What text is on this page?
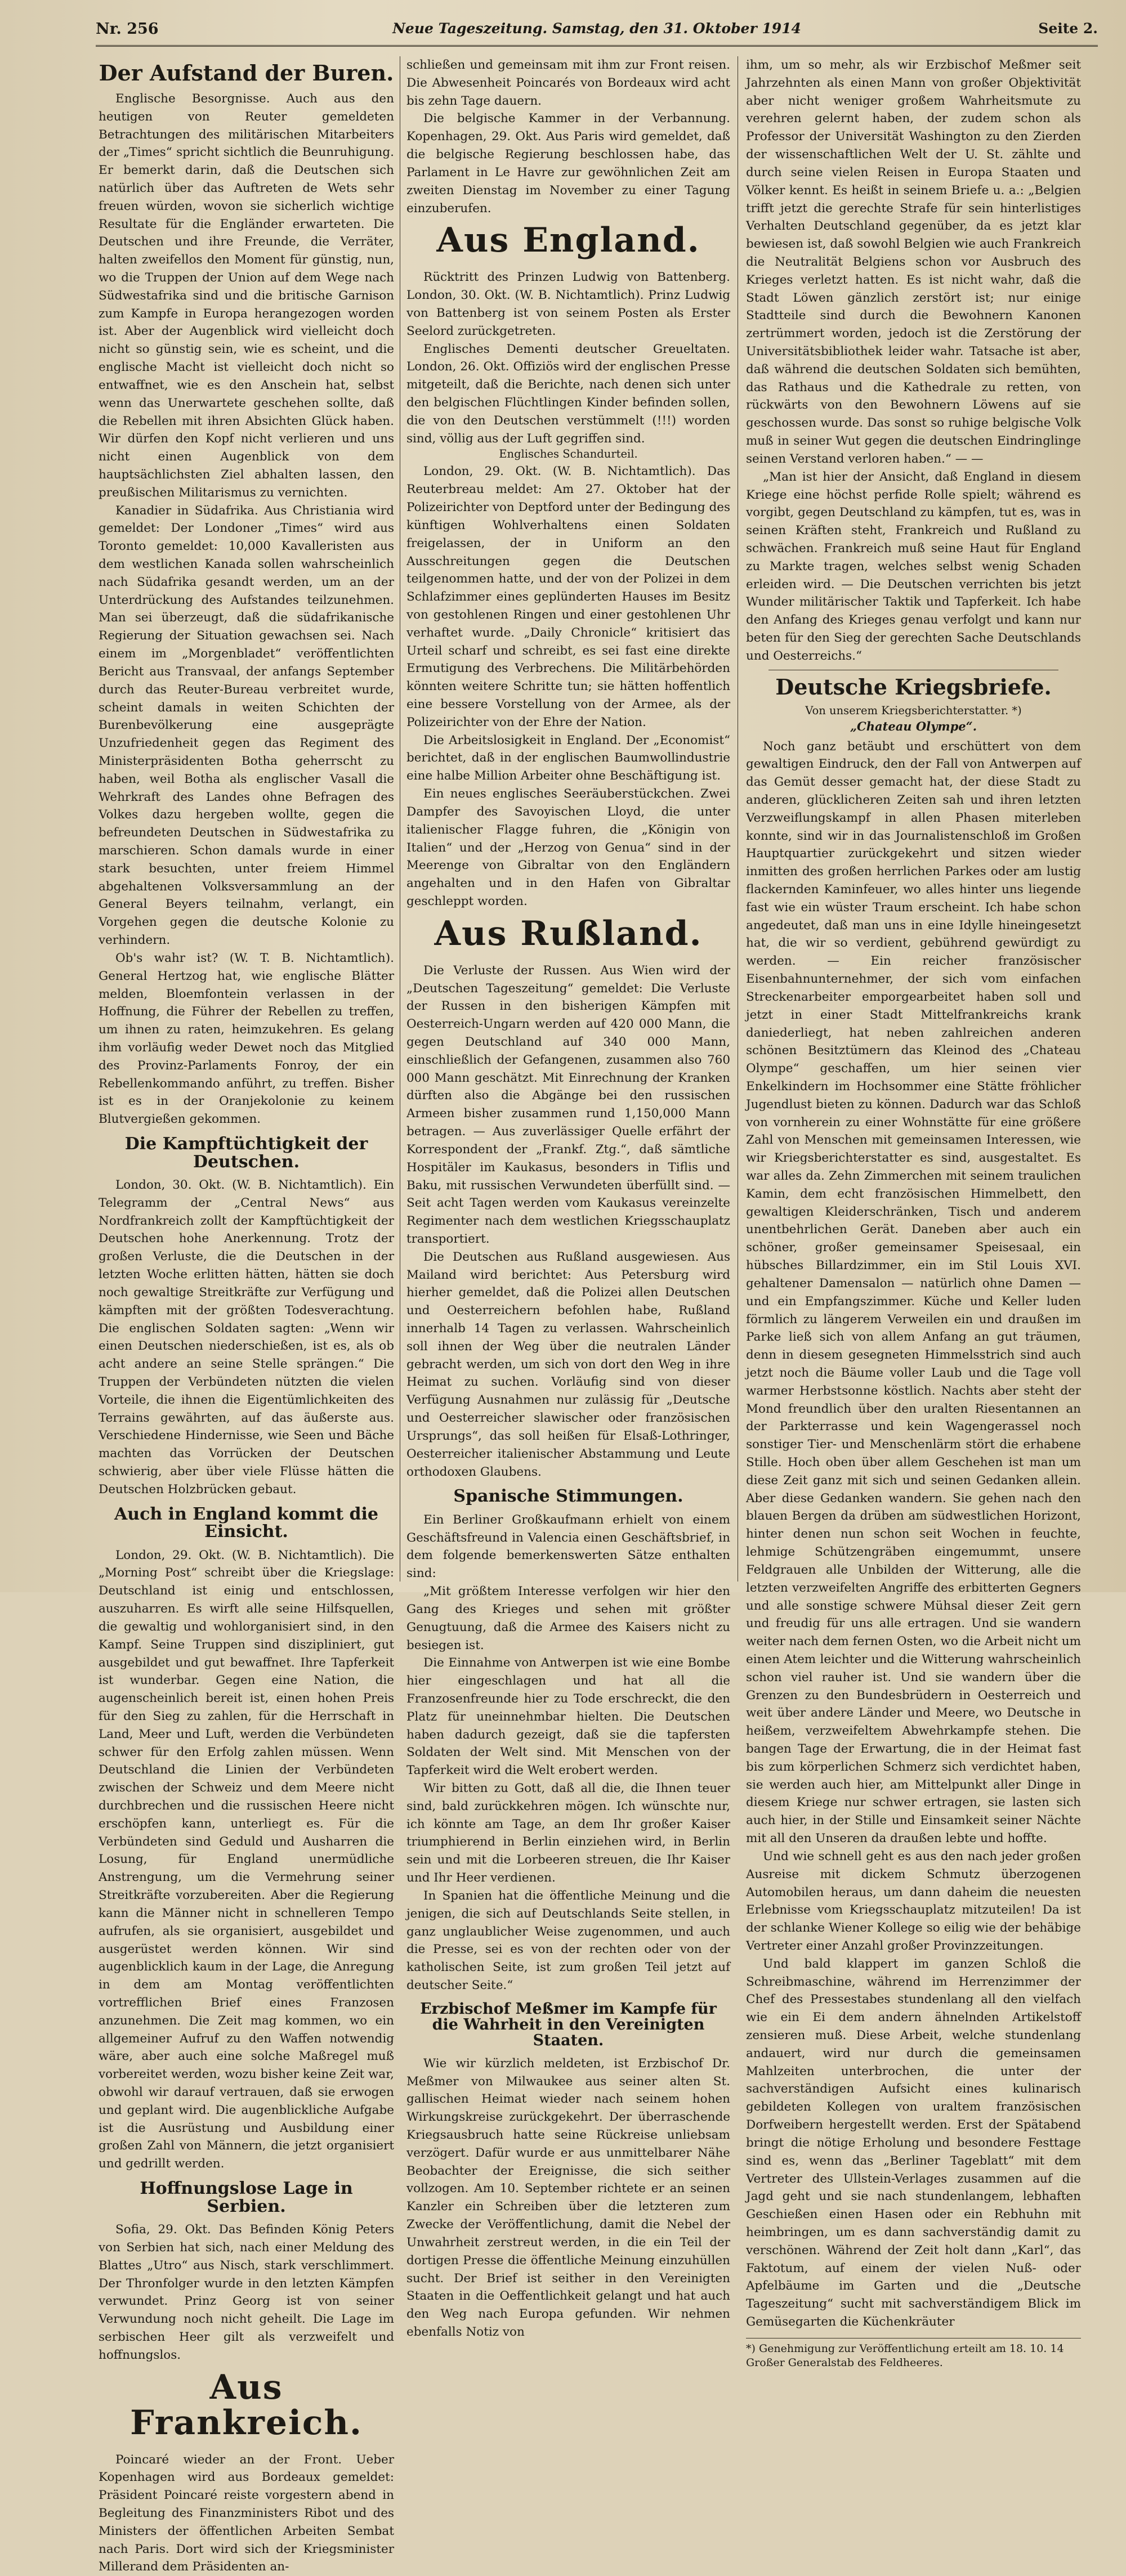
Nr. 256	Neue Tageszeitung. Samstag, den 31. Oktober 1914	Seite 2.
Der Aufstand der Buren.

Englische Besorgnisse. Auch aus den heutigen von Reuter gemeldeten Betrachtungen des militärischen Mitarbeiters der „Times“ spricht sichtlich die Beunruhigung. Er bemerkt darin, daß die Deutschen sich natürlich über das Auftreten de Wets sehr freuen würden, wovon sie sicherlich wichtige Resultate für die Engländer erwarteten. Die Deutschen und ihre Freunde, die Verräter, halten zweifellos den Moment für günstig, nun, wo die Truppen der Union auf dem Wege nach Südwestafrika sind und die britische Garnison zum Kampfe in Europa herangezogen worden ist. Aber der Augenblick wird vielleicht doch nicht so günstig sein, wie es scheint, und die englische Macht ist vielleicht doch nicht so entwaffnet, wie es den Anschein hat, selbst wenn das Unerwartete geschehen sollte, daß die Rebellen mit ihren Absichten Glück haben. Wir dürfen den Kopf nicht verlieren und uns nicht einen Augenblick von dem hauptsächlichsten Ziel abhalten lassen, den preußischen Militarismus zu vernichten.

Kanadier in Südafrika. Aus Christiania wird gemeldet: Der Londoner „Times“ wird aus Toronto gemeldet: 10,000 Kavalleristen aus dem westlichen Kanada sollen wahrscheinlich nach Südafrika gesandt werden, um an der Unterdrückung des Aufstandes teilzunehmen. Man sei überzeugt, daß die südafrikanische Regierung der Situation gewachsen sei. Nach einem im „Morgenbladet“ veröffentlichten Bericht aus Transvaal, der anfangs September durch das Reuter-Bureau verbreitet wurde, scheint damals in weiten Schichten der Burenbevölkerung eine ausgeprägte Unzufriedenheit gegen das Regiment des Ministerpräsidenten Botha geherrscht zu haben, weil Botha als englischer Vasall die Wehrkraft des Landes ohne Befragen des Volkes dazu hergeben wollte, gegen die befreundeten Deutschen in Südwestafrika zu marschieren. Schon damals wurde in einer stark besuchten, unter freiem Himmel abgehaltenen Volksversammlung an der General Beyers teilnahm, verlangt, ein Vorgehen gegen die deutsche Kolonie zu verhindern.

Ob's wahr ist? (W. T. B. Nichtamtlich). General Hertzog hat, wie englische Blätter melden, Bloemfontein verlassen in der Hoffnung, die Führer der Rebellen zu treffen, um ihnen zu raten, heimzukehren. Es gelang ihm vorläufig weder Dewet noch das Mitglied des Provinz-Parlaments Fonroy, der ein Rebellenkommando anführt, zu treffen. Bisher ist es in der Oranjekolonie zu keinem Blutvergießen gekommen.

Die Kampftüchtigkeit der Deutschen.

London, 30. Okt. (W. B. Nichtamtlich). Ein Telegramm der „Central News“ aus Nordfrankreich zollt der Kampftüchtigkeit der Deutschen hohe Anerkennung. Trotz der großen Verluste, die die Deutschen in der letzten Woche erlitten hätten, hätten sie doch noch gewaltige Streitkräfte zur Verfügung und kämpften mit der größten Todesverachtung. Die englischen Soldaten sagten: „Wenn wir einen Deutschen niederschießen, ist es, als ob acht andere an seine Stelle sprängen.“ Die Truppen der Verbündeten nützten die vielen Vorteile, die ihnen die Eigentümlichkeiten des Terrains gewährten, auf das äußerste aus. Verschiedene Hindernisse, wie Seen und Bäche machten das Vorrücken der Deutschen schwierig, aber über viele Flüsse hätten die Deutschen Holzbrücken gebaut.

Auch in England kommt die Einsicht.

London, 29. Okt. (W. B. Nichtamtlich). Die „Morning Post“ schreibt über die Kriegslage: Deutschland ist einig und entschlossen, auszuharren. Es wirft alle seine Hilfsquellen, die gewaltig und wohlorganisiert sind, in den Kampf. Seine Truppen sind diszipliniert, gut ausgebildet und gut bewaffnet. Ihre Tapferkeit ist wunderbar. Gegen eine Nation, die augenscheinlich bereit ist, einen hohen Preis für den Sieg zu zahlen, für die Herrschaft in Land, Meer und Luft, werden die Verbündeten schwer für den Erfolg zahlen müssen. Wenn Deutschland die Linien der Verbündeten zwischen der Schweiz und dem Meere nicht durchbrechen und die russischen Heere nicht erschöpfen kann, unterliegt es. Für die Verbündeten sind Geduld und Ausharren die Losung, für England unermüdliche Anstrengung, um die Vermehrung seiner Streitkräfte vorzubereiten. Aber die Regierung kann die Männer nicht in schnelleren Tempo aufrufen, als sie organisiert, ausgebildet und ausgerüstet werden können. Wir sind augenblicklich kaum in der Lage, die Anregung in dem am Montag veröffentlichten vortrefflichen Brief eines Franzosen anzunehmen. Die Zeit mag kommen, wo ein allgemeiner Aufruf zu den Waffen notwendig wäre, aber auch eine solche Maßregel muß vorbereitet werden, wozu bisher keine Zeit war, obwohl wir darauf vertrauen, daß sie erwogen und geplant wird. Die augenblickliche Aufgabe ist die Ausrüstung und Ausbildung einer großen Zahl von Männern, die jetzt organisiert und gedrillt werden.

Hoffnungslose Lage in Serbien.

Sofia, 29. Okt. Das Befinden König Peters von Serbien hat sich, nach einer Meldung des Blattes „Utro“ aus Nisch, stark verschlimmert. Der Thronfolger wurde in den letzten Kämpfen verwundet. Prinz Georg ist von seiner Verwundung noch nicht geheilt. Die Lage im serbischen Heer gilt als verzweifelt und hoffnungslos.

Aus Frankreich.

Poincaré wieder an der Front. Ueber Kopenhagen wird aus Bordeaux gemeldet: Präsident Poincaré reiste vorgestern abend in Begleitung des Finanzministers Ribot und des Ministers der öffentlichen Arbeiten Sembat nach Paris. Dort wird sich der Kriegsminister Millerand dem Präsidenten an-

schließen und gemeinsam mit ihm zur Front reisen. Die Abwesenheit Poincarés von Bordeaux wird acht bis zehn Tage dauern.

Die belgische Kammer in der Verbannung. Kopenhagen, 29. Okt. Aus Paris wird gemeldet, daß die belgische Regierung beschlossen habe, das Parlament in Le Havre zur gewöhnlichen Zeit am zweiten Dienstag im November zu einer Tagung einzuberufen.

Aus England.

Rücktritt des Prinzen Ludwig von Battenberg. London, 30. Okt. (W. B. Nichtamtlich). Prinz Ludwig von Battenberg ist von seinem Posten als Erster Seelord zurückgetreten.

Englisches Dementi deutscher Greueltaten. London, 26. Okt. Offiziös wird der englischen Presse mitgeteilt, daß die Berichte, nach denen sich unter den belgischen Flüchtlingen Kinder befinden sollen, die von den Deutschen verstümmelt (!!!) worden sind, völlig aus der Luft gegriffen sind.

Englisches Schandurteil.

London, 29. Okt. (W. B. Nichtamtlich). Das Reuterbreau meldet: Am 27. Oktober hat der Polizeirichter von Deptford unter der Bedingung des künftigen Wohlverhaltens einen Soldaten freigelassen, der in Uniform an den Ausschreitungen gegen die Deutschen teilgenommen hatte, und der von der Polizei in dem Schlafzimmer eines geplünderten Hauses im Besitz von gestohlenen Ringen und einer gestohlenen Uhr verhaftet wurde. „Daily Chronicle“ kritisiert das Urteil scharf und schreibt, es sei fast eine direkte Ermutigung des Verbrechens. Die Militärbehörden könnten weitere Schritte tun; sie hätten hoffentlich eine bessere Vorstellung von der Armee, als der Polizeirichter von der Ehre der Nation.

Die Arbeitslosigkeit in England. Der „Economist“ berichtet, daß in der englischen Baumwollindustrie eine halbe Million Arbeiter ohne Beschäftigung ist.

Ein neues englisches Seeräuberstückchen. Zwei Dampfer des Savoyischen Lloyd, die unter italienischer Flagge fuhren, die „Königin von Italien“ und der „Herzog von Genua“ sind in der Meerenge von Gibraltar von den Engländern angehalten und in den Hafen von Gibraltar geschleppt worden.

Aus Rußland.

Die Verluste der Russen. Aus Wien wird der „Deutschen Tageszeitung“ gemeldet: Die Verluste der Russen in den bisherigen Kämpfen mit Oesterreich-Ungarn werden auf 420 000 Mann, die gegen Deutschland auf 340 000 Mann, einschließlich der Gefangenen, zusammen also 760 000 Mann geschätzt. Mit Einrechnung der Kranken dürften also die Abgänge bei den russischen Armeen bisher zusammen rund 1,150,000 Mann betragen. — Aus zuverlässiger Quelle erfährt der Korrespondent der „Frankf. Ztg.“, daß sämtliche Hospitäler im Kaukasus, besonders in Tiflis und Baku, mit russischen Verwundeten überfüllt sind. — Seit acht Tagen werden vom Kaukasus vereinzelte Regimenter nach dem westlichen Kriegsschauplatz transportiert.

Die Deutschen aus Rußland ausgewiesen. Aus Mailand wird berichtet: Aus Petersburg wird hierher gemeldet, daß die Polizei allen Deutschen und Oesterreichern befohlen habe, Rußland innerhalb 14 Tagen zu verlassen. Wahrscheinlich soll ihnen der Weg über die neutralen Länder gebracht werden, um sich von dort den Weg in ihre Heimat zu suchen. Vorläufig sind von dieser Verfügung Ausnahmen nur zulässig für „Deutsche und Oesterreicher slawischer oder französischen Ursprungs“, das soll heißen für Elsaß-Lothringer, Oesterreicher italienischer Abstammung und Leute orthodoxen Glaubens.

Spanische Stimmungen.

Ein Berliner Großkaufmann erhielt von einem Geschäftsfreund in Valencia einen Geschäftsbrief, in dem folgende bemerkenswerten Sätze enthalten sind:

„Mit größtem Interesse verfolgen wir hier den Gang des Krieges und sehen mit größter Genugtuung, daß die Armee des Kaisers nicht zu besiegen ist.

Die Einnahme von Antwerpen ist wie eine Bombe hier eingeschlagen und hat all die Franzosenfreunde hier zu Tode erschreckt, die den Platz für uneinnehmbar hielten. Die Deutschen haben dadurch gezeigt, daß sie die tapfersten Soldaten der Welt sind. Mit Menschen von der Tapferkeit wird die Welt erobert werden.

Wir bitten zu Gott, daß all die, die Ihnen teuer sind, bald zurückkehren mögen. Ich wünschte nur, ich könnte am Tage, an dem Ihr großer Kaiser triumphierend in Berlin einziehen wird, in Berlin sein und mit die Lorbeeren streuen, die Ihr Kaiser und Ihr Heer verdienen.

In Spanien hat die öffentliche Meinung und die jenigen, die sich auf Deutschlands Seite stellen, in ganz unglaublicher Weise zugenommen, und auch die Presse, sei es von der rechten oder von der katholischen Seite, ist zum großen Teil jetzt auf deutscher Seite.“

Erzbischof Meßmer im Kampfe für die Wahrheit in den Vereinigten Staaten.

Wie wir kürzlich meldeten, ist Erzbischof Dr. Meßmer von Milwaukee aus seiner alten St. gallischen Heimat wieder nach seinem hohen Wirkungskreise zurückgekehrt. Der überraschende Kriegsausbruch hatte seine Rückreise unliebsam verzögert. Dafür wurde er aus unmittelbarer Nähe Beobachter der Ereignisse, die sich seither vollzogen. Am 10. September richtete er an seinen Kanzler ein Schreiben über die letzteren zum Zwecke der Veröffentlichung, damit die Nebel der Unwahrheit zerstreut werden, in die ein Teil der dortigen Presse die öffentliche Meinung einzuhüllen sucht. Der Brief ist seither in den Vereinigten Staaten in die Oeffentlichkeit gelangt und hat auch den Weg nach Europa gefunden. Wir nehmen ebenfalls Notiz von

ihm, um so mehr, als wir Erzbischof Meßmer seit Jahrzehnten als einen Mann von großer Objektivität aber nicht weniger großem Wahrheitsmute zu verehren gelernt haben, der zudem schon als Professor der Universität Washington zu den Zierden der wissenschaftlichen Welt der U. St. zählte und durch seine vielen Reisen in Europa Staaten und Völker kennt. Es heißt in seinem Briefe u. a.: „Belgien trifft jetzt die gerechte Strafe für sein hinterlistiges Verhalten Deutschland gegenüber, da es jetzt klar bewiesen ist, daß sowohl Belgien wie auch Frankreich die Neutralität Belgiens schon vor Ausbruch des Krieges verletzt hatten. Es ist nicht wahr, daß die Stadt Löwen gänzlich zerstört ist; nur einige Stadtteile sind durch die Bewohnern Kanonen zertrümmert worden, jedoch ist die Zerstörung der Universitätsbibliothek leider wahr. Tatsache ist aber, daß während die deutschen Soldaten sich bemühten, das Rathaus und die Kathedrale zu retten, von rückwärts von den Bewohnern Löwens auf sie geschossen wurde. Das sonst so ruhige belgische Volk muß in seiner Wut gegen die deutschen Eindringlinge seinen Verstand verloren haben.“ — —

„Man ist hier der Ansicht, daß England in diesem Kriege eine höchst perfide Rolle spielt; während es vorgibt, gegen Deutschland zu kämpfen, tut es, was in seinen Kräften steht, Frankreich und Rußland zu schwächen. Frankreich muß seine Haut für England zu Markte tragen, welches selbst wenig Schaden erleiden wird. — Die Deutschen verrichten bis jetzt Wunder militärischer Taktik und Tapferkeit. Ich habe den Anfang des Krieges genau verfolgt und kann nur beten für den Sieg der gerechten Sache Deutschlands und Oesterreichs.“

Deutsche Kriegsbriefe.

Von unserem Kriegsberichterstatter. *)

„Chateau Olympe“.

Noch ganz betäubt und erschüttert von dem gewaltigen Eindruck, den der Fall von Antwerpen auf das Gemüt desser gemacht hat, der diese Stadt zu anderen, glücklicheren Zeiten sah und ihren letzten Verzweiflungskampf in allen Phasen miterleben konnte, sind wir in das Journalistenschloß im Großen Hauptquartier zurückgekehrt und sitzen wieder inmitten des großen herrlichen Parkes oder am lustig flackernden Kaminfeuer, wo alles hinter uns liegende fast wie ein wüster Traum erscheint. Ich habe schon angedeutet, daß man uns in eine Idylle hineingesetzt hat, die wir so verdient, gebührend gewürdigt zu werden. — Ein reicher französischer Eisenbahnunternehmer, der sich vom einfachen Streckenarbeiter emporgearbeitet haben soll und jetzt in einer Stadt Mittelfrankreichs krank daniederliegt, hat neben zahlreichen anderen schönen Besitztümern das Kleinod des „Chateau Olympe“ geschaffen, um hier seinen vier Enkelkindern im Hochsommer eine Stätte fröhlicher Jugendlust bieten zu können. Dadurch war das Schloß von vornherein zu einer Wohnstätte für eine größere Zahl von Menschen mit gemeinsamen Interessen, wie wir Kriegsberichterstatter es sind, ausgestaltet. Es war alles da. Zehn Zimmerchen mit seinem traulichen Kamin, dem echt französischen Himmelbett, den gewaltigen Kleiderschränken, Tisch und anderem unentbehrlichen Gerät. Daneben aber auch ein schöner, großer gemeinsamer Speisesaal, ein hübsches Billardzimmer, ein im Stil Louis XVI. gehaltener Damensalon — natürlich ohne Damen — und ein Empfangszimmer. Küche und Keller luden förmlich zu längerem Verweilen ein und draußen im Parke ließ sich von allem Anfang an gut träumen, denn in diesem gesegneten Himmelsstrich sind auch jetzt noch die Bäume voller Laub und die Tage voll warmer Herbstsonne köstlich. Nachts aber steht der Mond freundlich über den uralten Riesentannen an der Parkterrasse und kein Wagengerassel noch sonstiger Tier- und Menschenlärm stört die erhabene Stille. Hoch oben über allem Geschehen ist man um diese Zeit ganz mit sich und seinen Gedanken allein. Aber diese Gedanken wandern. Sie gehen nach den blauen Bergen da drüben am südwestlichen Horizont, hinter denen nun schon seit Wochen in feuchte, lehmige Schützengräben eingemummt, unsere Feldgrauen alle Unbilden der Witterung, alle die letzten verzweifelten Angriffe des erbitterten Gegners und alle sonstige schwere Mühsal dieser Zeit gern und freudig für uns alle ertragen. Und sie wandern weiter nach dem fernen Osten, wo die Arbeit nicht um einen Atem leichter und die Witterung wahrscheinlich schon viel rauher ist. Und sie wandern über die Grenzen zu den Bundesbrüdern in Oesterreich und weit über andere Länder und Meere, wo Deutsche in heißem, verzweifeltem Abwehrkampfe stehen. Die bangen Tage der Erwartung, die in der Heimat fast bis zum körperlichen Schmerz sich verdichtet haben, sie werden auch hier, am Mittelpunkt aller Dinge in diesem Kriege nur schwer ertragen, sie lasten sich auch hier, in der Stille und Einsamkeit seiner Nächte mit all den Unseren da draußen lebte und hoffte.

Und wie schnell geht es aus den nach jeder großen Ausreise mit dickem Schmutz überzogenen Automobilen heraus, um dann daheim die neuesten Erlebnisse vom Kriegsschauplatz mitzuteilen! Da ist der schlanke Wiener Kollege so eilig wie der behäbige Vertreter einer Anzahl großer Provinzzeitungen.

Und bald klappert im ganzen Schloß die Schreibmaschine, während im Herrenzimmer der Chef des Pressestabes stundenlang all den vielfach wie ein Ei dem andern ähnelnden Artikelstoff zensieren muß. Diese Arbeit, welche stundenlang andauert, wird nur durch die gemeinsamen Mahlzeiten unterbrochen, die unter der sachverständigen Aufsicht eines kulinarisch gebildeten Kollegen von uraltem französischen Dorfweibern hergestellt werden. Erst der Spätabend bringt die nötige Erholung und besondere Festtage sind es, wenn das „Berliner Tageblatt“ mit dem Vertreter des Ullstein-Verlages zusammen auf die Jagd geht und sie nach stundenlangem, lebhaften Geschießen einen Hasen oder ein Rebhuhn mit heimbringen, um es dann sachverständig damit zu verschönen. Während der Zeit holt dann „Karl“, das Faktotum, auf einem der vielen Nuß- oder Apfelbäume im Garten und die „Deutsche Tageszeitung“ sucht mit sachverständigem Blick im Gemüsegarten die Küchenkräuter

*) Genehmigung zur Veröffentlichung erteilt am 18. 10. 14 Großer Generalstab des Feldheeres.
